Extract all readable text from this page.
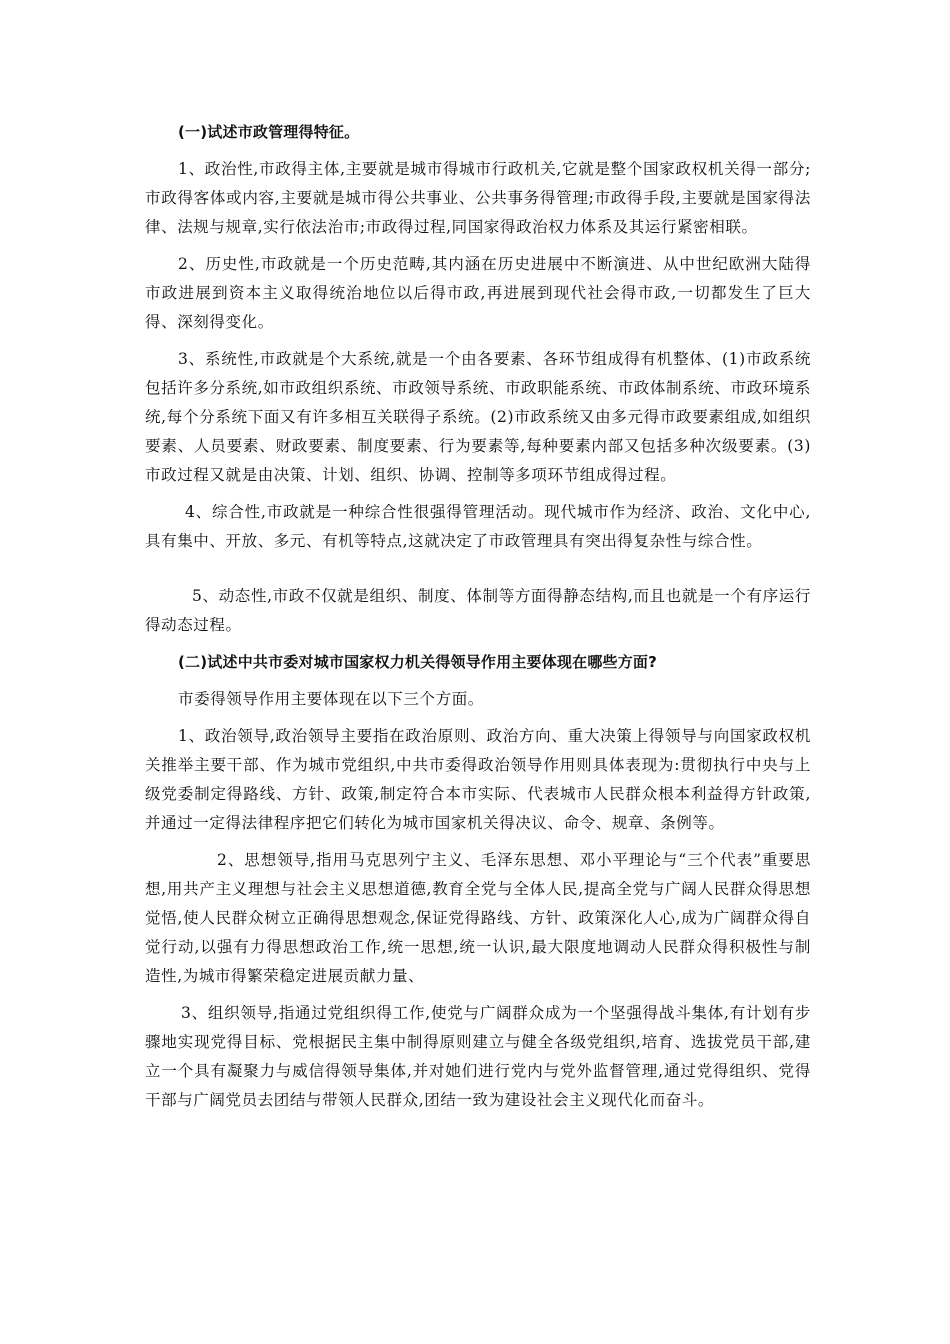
(一)试述市政管理得特征。

1、政治性,市政得主体,主要就是城市得城市行政机关,它就是整个国家政权机关得一部分;市政得客体或内容,主要就是城市得公共事业、公共事务得管理;市政得手段,主要就是国家得法律、法规与规章,实行依法治市;市政得过程,同国家得政治权力体系及其运行紧密相联。

2、历史性,市政就是一个历史范畴,其内涵在历史进展中不断演进、从中世纪欧洲大陆得市政进展到资本主义取得统治地位以后得市政,再进展到现代社会得市政,一切都发生了巨大得、深刻得变化。

3、系统性,市政就是个大系统,就是一个由各要素、各环节组成得有机整体、(1)市政系统包括许多分系统,如市政组织系统、市政领导系统、市政职能系统、市政体制系统、市政环境系统,每个分系统下面又有许多相互关联得子系统。(2)市政系统又由多元得市政要素组成,如组织要素、人员要素、财政要素、制度要素、行为要素等,每种要素内部又包括多种次级要素。(3)市政过程又就是由决策、计划、组织、协调、控制等多项环节组成得过程。

4、综合性,市政就是一种综合性很强得管理活动。现代城市作为经济、政治、文化中心,具有集中、开放、多元、有机等特点,这就决定了市政管理具有突出得复杂性与综合性。

5、动态性,市政不仅就是组织、制度、体制等方面得静态结构,而且也就是一个有序运行得动态过程。

(二)试述中共市委对城市国家权力机关得领导作用主要体现在哪些方面?

市委得领导作用主要体现在以下三个方面。

1、政治领导,政治领导主要指在政治原则、政治方向、重大决策上得领导与向国家政权机关推举主要干部、作为城市党组织,中共市委得政治领导作用则具体表现为:贯彻执行中央与上级党委制定得路线、方针、政策,制定符合本市实际、代表城市人民群众根本利益得方针政策,并通过一定得法律程序把它们转化为城市国家机关得决议、命令、规章、条例等。

2、思想领导,指用马克思列宁主义、毛泽东思想、邓小平理论与“三个代表”重要思想,用共产主义理想与社会主义思想道德,教育全党与全体人民,提高全党与广阔人民群众得思想觉悟,使人民群众树立正确得思想观念,保证党得路线、方针、政策深化人心,成为广阔群众得自觉行动,以强有力得思想政治工作,统一思想,统一认识,最大限度地调动人民群众得积极性与制造性,为城市得繁荣稳定进展贡献力量、

3、组织领导,指通过党组织得工作,使党与广阔群众成为一个坚强得战斗集体,有计划有步骤地实现党得目标、党根据民主集中制得原则建立与健全各级党组织,培育、选拔党员干部,建立一个具有凝聚力与威信得领导集体,并对她们进行党内与党外监督管理,通过党得组织、党得干部与广阔党员去团结与带领人民群众,团结一致为建设社会主义现代化而奋斗。
